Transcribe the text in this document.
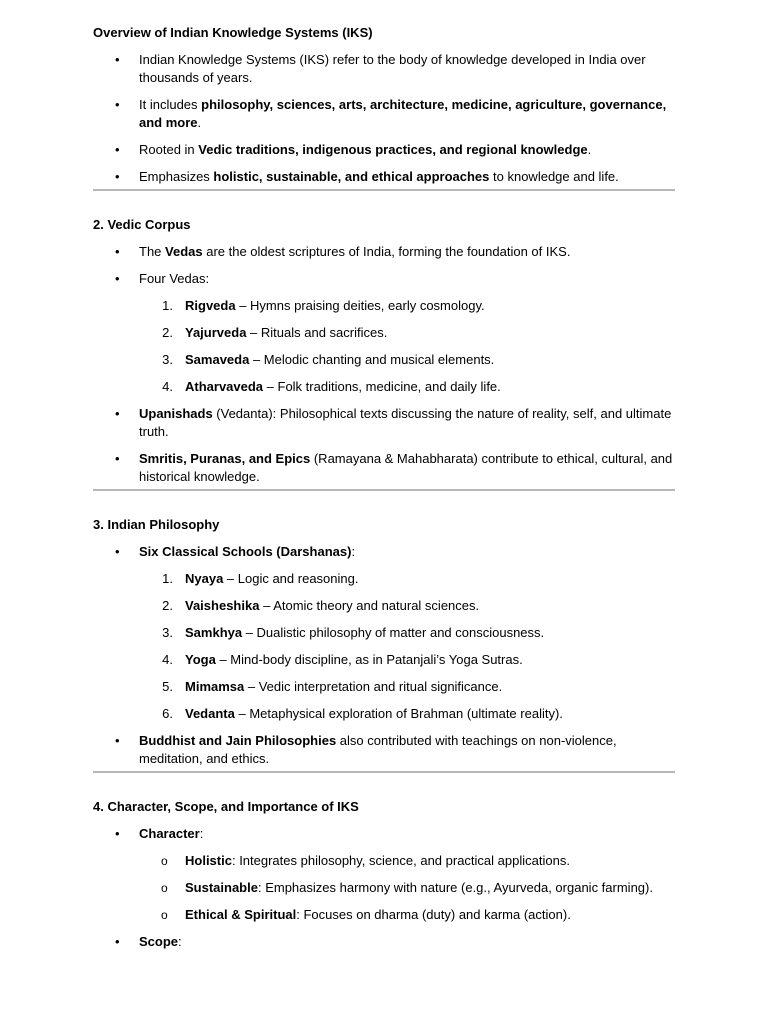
Overview of Indian Knowledge Systems (IKS)
• Indian Knowledge Systems (IKS) refer to the body of knowledge developed in India over thousands of years.
• It includes philosophy, sciences, arts, architecture, medicine, agriculture, governance, and more.
• Rooted in Vedic traditions, indigenous practices, and regional knowledge.
• Emphasizes holistic, sustainable, and ethical approaches to knowledge and life.
2. Vedic Corpus
• The Vedas are the oldest scriptures of India, forming the foundation of IKS.
• Four Vedas:
1. Rigveda – Hymns praising deities, early cosmology.
2. Yajurveda – Rituals and sacrifices.
3. Samaveda – Melodic chanting and musical elements.
4. Atharvaveda – Folk traditions, medicine, and daily life.
• Upanishads (Vedanta): Philosophical texts discussing the nature of reality, self, and ultimate truth.
• Smritis, Puranas, and Epics (Ramayana & Mahabharata) contribute to ethical, cultural, and historical knowledge.
3. Indian Philosophy
• Six Classical Schools (Darshanas):
1. Nyaya – Logic and reasoning.
2. Vaisheshika – Atomic theory and natural sciences.
3. Samkhya – Dualistic philosophy of matter and consciousness.
4. Yoga – Mind-body discipline, as in Patanjali’s Yoga Sutras.
5. Mimamsa – Vedic interpretation and ritual significance.
6. Vedanta – Metaphysical exploration of Brahman (ultimate reality).
• Buddhist and Jain Philosophies also contributed with teachings on non-violence, meditation, and ethics.
4. Character, Scope, and Importance of IKS
• Character:
o Holistic: Integrates philosophy, science, and practical applications.
o Sustainable: Emphasizes harmony with nature (e.g., Ayurveda, organic farming).
o Ethical & Spiritual: Focuses on dharma (duty) and karma (action).
• Scope:
